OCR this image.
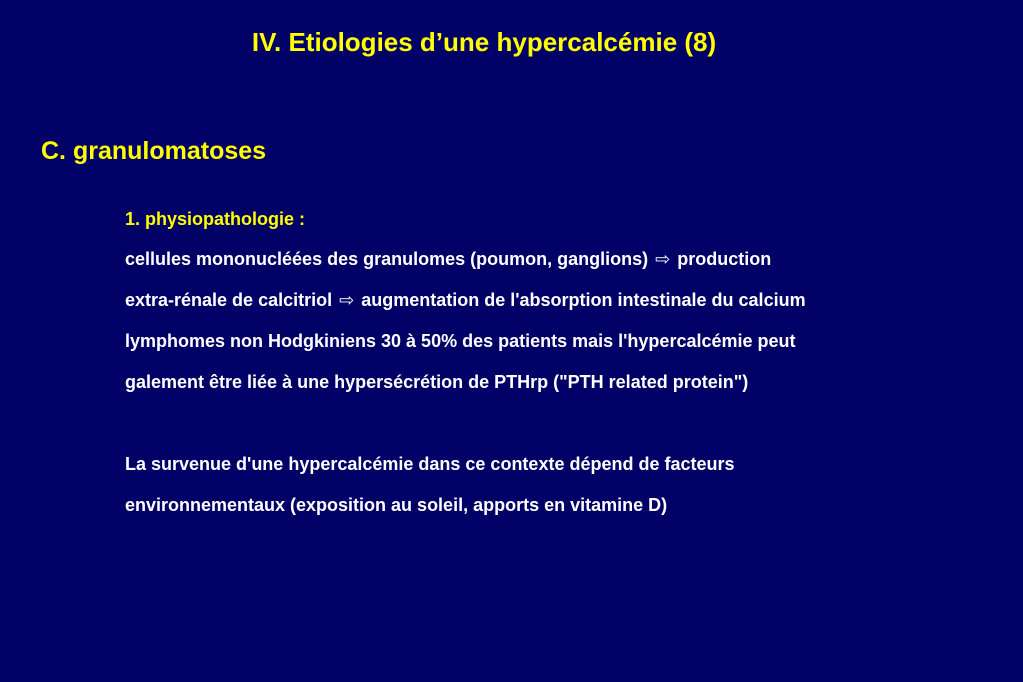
IV. Etiologies d’une hypercalcémie (8)
C. granulomatoses
1. physiopathologie :
cellules mononucléées des granulomes (poumon, ganglions) ⇨ production
extra-rénale de calcitriol ⇨ augmentation de l'absorption intestinale du calcium
lymphomes non Hodgkiniens 30 à 50% des patients mais l'hypercalcémie peut
galement être liée à une hypersécrétion de PTHrp ("PTH related protein")
La survenue d'une hypercalcémie dans ce contexte dépend de facteurs
environnementaux (exposition au soleil, apports en vitamine D)
